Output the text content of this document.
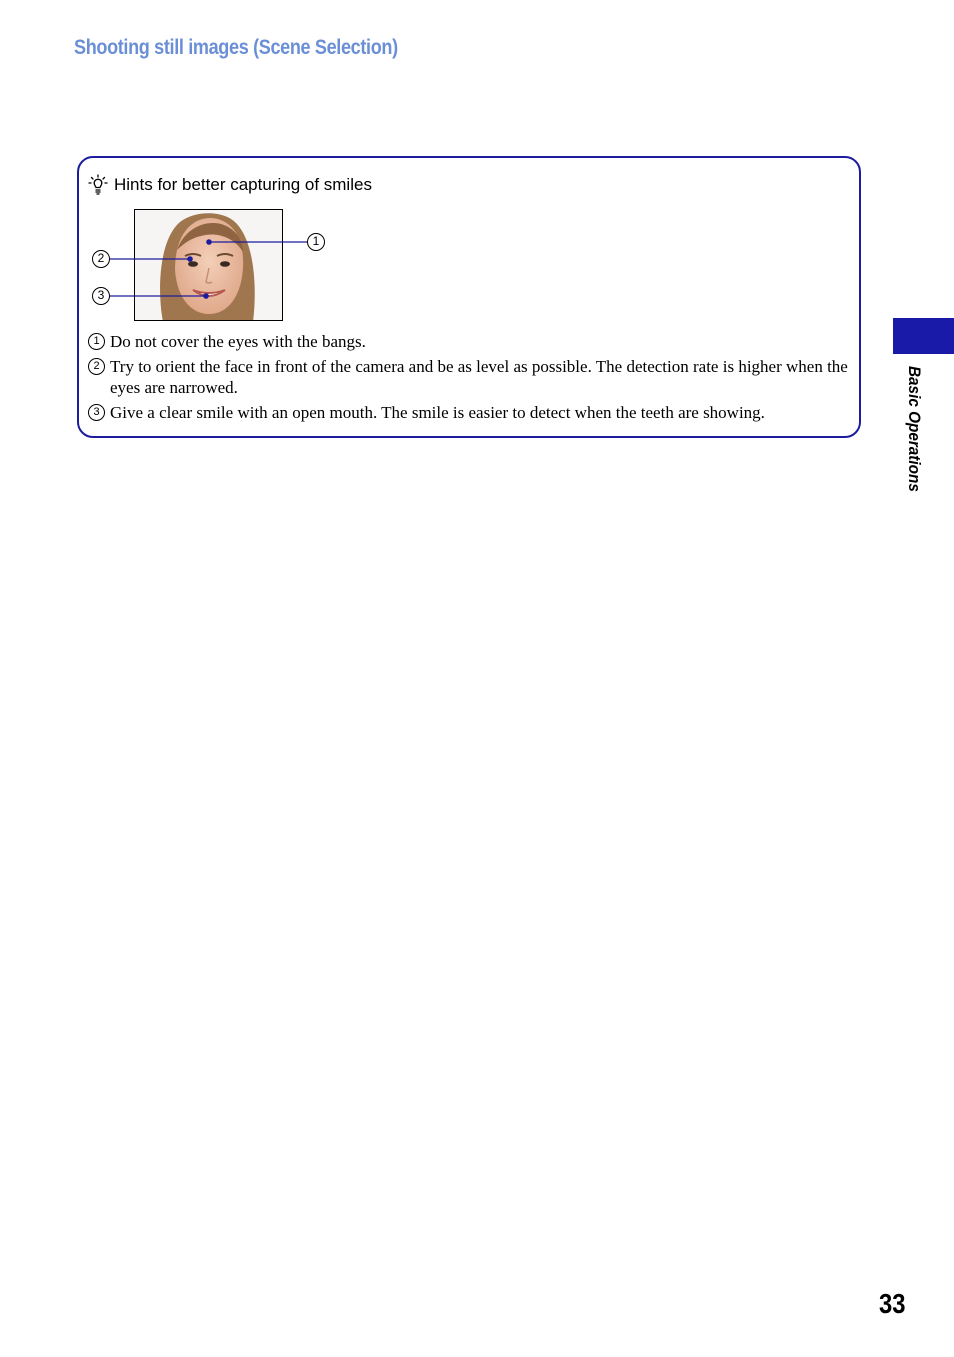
Shooting still images (Scene Selection)
Hints for better capturing of smiles
1
2
3
1 Do not cover the eyes with the bangs.
2 Try to orient the face in front of the camera and be as level as possible. The detection rate is higher when the eyes are narrowed.
3 Give a clear smile with an open mouth. The smile is easier to detect when the teeth are showing.	Basic Operations
33
